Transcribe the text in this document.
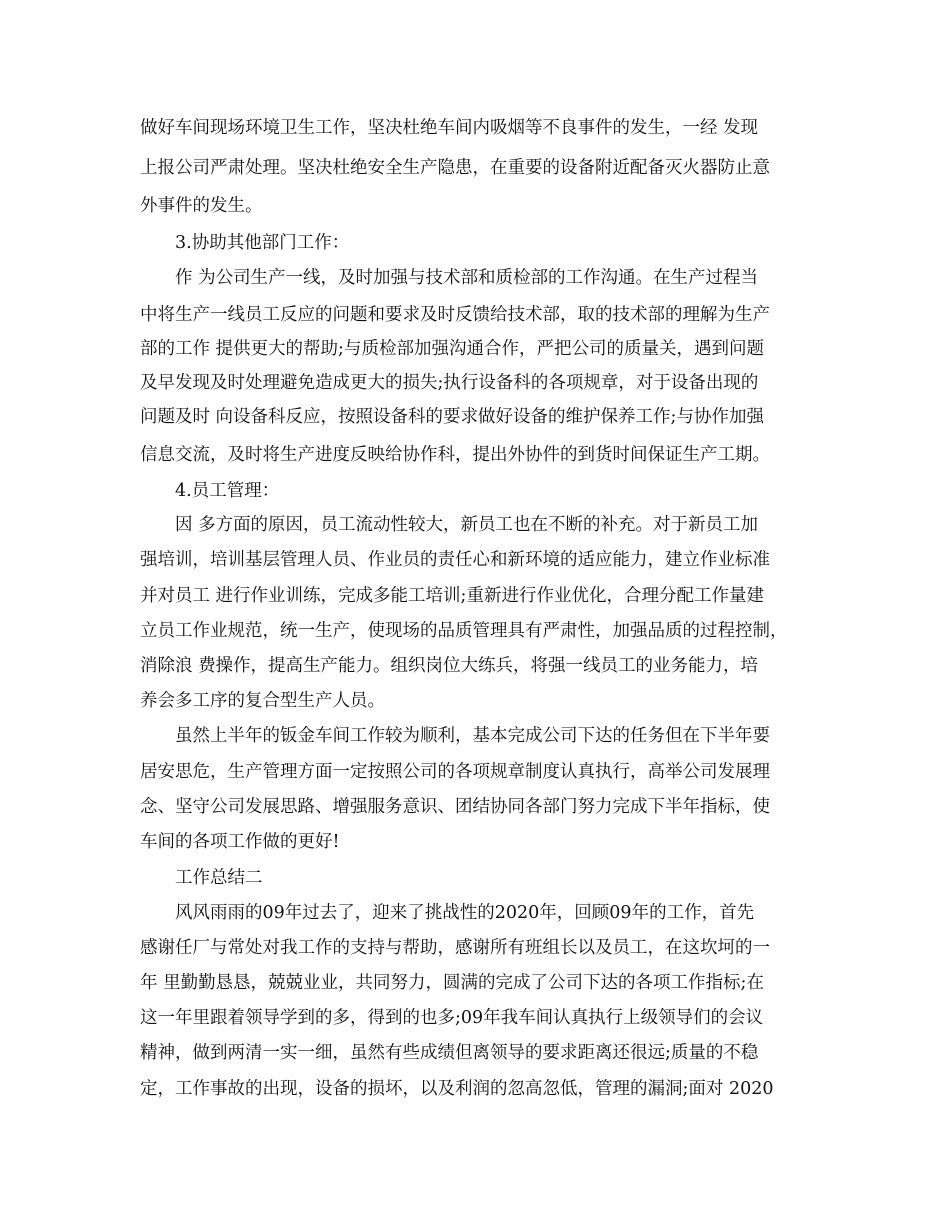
做好车间现场环境卫生工作，坚决杜绝车间内吸烟等不良事件的发生，一经 发现
上报公司严肃处理。坚决杜绝安全生产隐患，在重要的设备附近配备灭火器防止意
外事件的发生。
3.协助其他部门工作：
作 为公司生产一线，及时加强与技术部和质检部的工作沟通。在生产过程当
中将生产一线员工反应的问题和要求及时反馈给技术部，取的技术部的理解为生产
部的工作 提供更大的帮助;与质检部加强沟通合作，严把公司的质量关，遇到问题
及早发现及时处理避免造成更大的损失;执行设备科的各项规章，对于设备出现的
问题及时 向设备科反应，按照设备科的要求做好设备的维护保养工作;与协作加强
信息交流，及时将生产进度反映给协作科，提出外协件的到货时间保证生产工期。
4.员工管理：
因 多方面的原因，员工流动性较大，新员工也在不断的补充。对于新员工加
强培训，培训基层管理人员、作业员的责任心和新环境的适应能力，建立作业标准
并对员工 进行作业训练，完成多能工培训;重新进行作业优化，合理分配工作量建
立员工作业规范，统一生产，使现场的品质管理具有严肃性，加强品质的过程控制，
消除浪 费操作，提高生产能力。组织岗位大练兵，将强一线员工的业务能力，培
养会多工序的复合型生产人员。
虽然上半年的钣金车间工作较为顺利，基本完成公司下达的任务但在下半年要
居安思危，生产管理方面一定按照公司的各项规章制度认真执行，高举公司发展理
念、坚守公司发展思路、增强服务意识、团结协同各部门努力完成下半年指标，使
车间的各项工作做的更好!
工作总结二
风风雨雨的09年过去了，迎来了挑战性的2020年，回顾09年的工作，首先
感谢任厂与常处对我工作的支持与帮助，感谢所有班组长以及员工，在这坎坷的一
年 里勤勤恳恳，兢兢业业，共同努力，圆满的完成了公司下达的各项工作指标;在
这一年里跟着领导学到的多，得到的也多;09年我车间认真执行上级领导们的会议
精神，做到两清一实一细，虽然有些成绩但离领导的要求距离还很远;质量的不稳
定，工作事故的出现，设备的损坏，以及利润的忽高忽低，管理的漏洞;面对 2020
